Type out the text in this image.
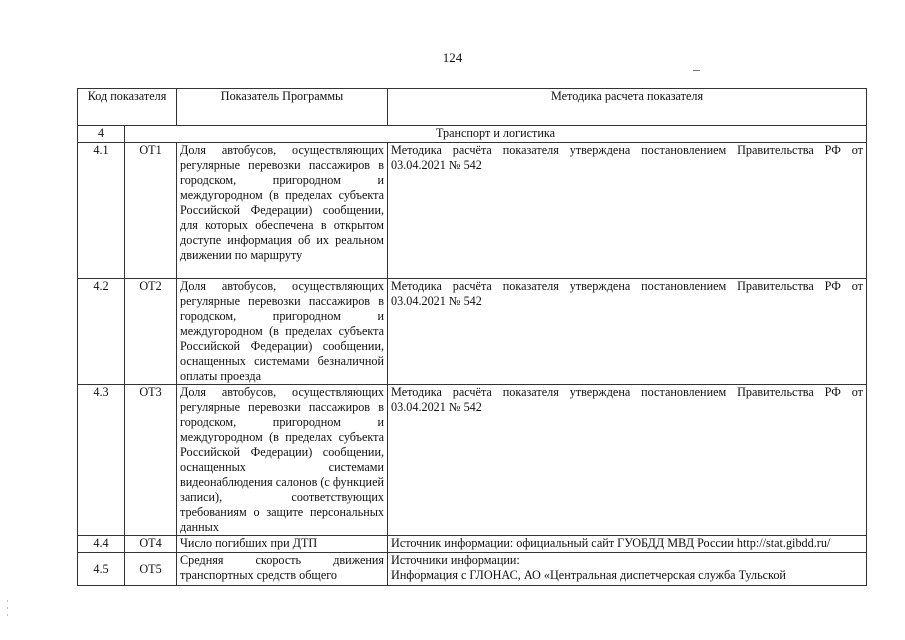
124
Код показателя		Показатель Программы	Методика расчета показателя
4	Транспорт и логистика		
4.1	ОТ1	Доля автобусов, осуществляющих регулярные перевозки пассажиров в городском, пригородном и междугородном (в пределах субъекта Российской Федерации) сообщении, для которых обеспечена в открытом доступе информация об их реальном движении по маршруту	Методика расчёта показателя утверждена постановлением Правительства РФ от 03.04.2021 № 542
4.2	ОТ2	Доля автобусов, осуществляющих регулярные перевозки пассажиров в городском, пригородном и междугородном (в пределах субъекта Российской Федерации) сообщении, оснащенных системами безналичной оплаты проезда	Методика расчёта показателя утверждена постановлением Правительства РФ от 03.04.2021 № 542
4.3	ОТ3	Доля автобусов, осуществляющих регулярные перевозки пассажиров в городском, пригородном и междугородном (в пределах субъекта Российской Федерации) сообщении, оснащенных системами видеонаблюдения салонов (с функцией записи), соответствующих требованиям о защите персональных данных	Методика расчёта показателя утверждена постановлением Правительства РФ от 03.04.2021 № 542
4.4	ОТ4	Число погибших при ДТП	Источник информации: официальный сайт ГУОБДД МВД России http://stat.gibdd.ru/
4.5	ОТ5	Средняя скорость движения транспортных средств общего	Источники информации:
Информация с ГЛОНАС, АО «Центральная диспетчерская служба Тульской
